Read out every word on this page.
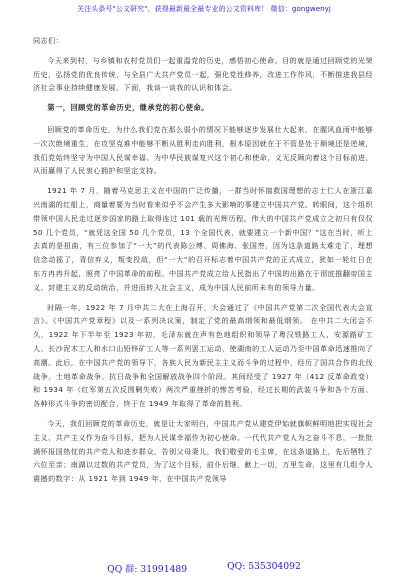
关注头条号"公文研究"，获得最新最全最专业的公文资料库！ 微信：gongwenyj

同志们：

今天来到村，与乡镇和农村党员们一起重温党的历史，感悟初心使命。目的就是通过回顾党的光荣历史，弘扬党的优良传统，与全县广大共产党员一起，强化党性修养，改进工作作风，不断推进我县经济社会事业持续健康发展。下面，我谈一谈我的认识和体会。

第一，回顾党的革命历史，继承党的初心使命。

回顾党的革命历史，为什么我们党在那么弱小的情况下能够逐步发展壮大起来，在腥风血雨中能够一次次绝境重生，在攻坚克难中能够不断从胜利走向胜利，根本原因就在于不管是处于顺境还是逆境，我们党始终坚守为中国人民谋幸福、为中华民族谋复兴这个初心和使命，义无反顾向着这个目标前进，从而赢得了人民衷心拥护和坚定支持。

1921 年 7 月，随着马克思主义在中国的广泛传播，一群当时怀揣救国理想的志士仁人在浙江嘉兴南湖的红船上，商量着要为当时看来似乎不会产生多大影响的事建立中国共产党。转眼间，这个组织带领中国人民走过逐步国家的路上取得连过 101 载的光辉历程。伟大的中国共产党成立之初只有仅仅 50 几个党员，“就凭这全国 50 几个党员，13 个全国代表，就要建立一个新中国？”这在当时，听上去真的是扭曲，有三位参加了“一大”的代表陈公博、周佛海、张国焘，因为这条道路太难走了，理想信念动摇了，背信弃义，叛变投敌，但“一大”的召开标志着中国共产党的正式成立，犹如一轮红日在东方冉冉升起，照亮了中国革命的前程。中国共产党成立给人民指出了中国的出路在于彻底推翻帝国主义、封建主义的反动统治，并进而转入社会主义，成为中国人民前所未有的领导力量。

时隔一年，1922 年 7 月中共二大在上海召开，大会通过了《中国共产党第二次全国代表大会宣言》。《中国共产党章程》以及一系列决议案，制定了党的最高纲领和最低纲领。 在中共二大闭会不久，1922 年下半年至 1923 年初，毛泽东就在声有色地组织和领导了粤汉铁路工人、安源路矿工人、长沙泥木工人和水口山铅锌矿工人等一系列罢工运动，使湖南的工人运动乃至中国革命迅速推向了高潮。此后，在中国共产党的领导下，各族人民为新民主主义而斗争的过程中，经历了国共合作的北伐战争、土地革命战争、抗日战争和全国解放战争四个阶段。其间经受了 1927 年（412 反革命政变）和 1934 年（红军第五次反围剿失败）两次严重挫折的惨苦考验，经过长期的武装斗争和各个方面、各种形式斗争的密切配合，终于在 1949 年取得了革命的胜利。

今天，我们回顾党的革命历史，就是让大家明白，中国共产党从建党伊始就旗帜鲜明地把实现社会主义、共产主义作为奋斗目标，把为人民谋幸福作为初心使命。一代代共产党人为之奋斗不息，一批批满怀报国热忱的共产党人和进步群众，告别父母妻儿，我们敬爱的毛主席，在这条道路上，先后牺牲了六位至亲；南湖以过数的共产党员，为了这个目标，前仆后继，献上一切，万里生命，这里有几组令人震撼的数字：从 1921 年到 1949 年，在中国共产党领导

QQ 群: 31991489	QQ: 535304092
